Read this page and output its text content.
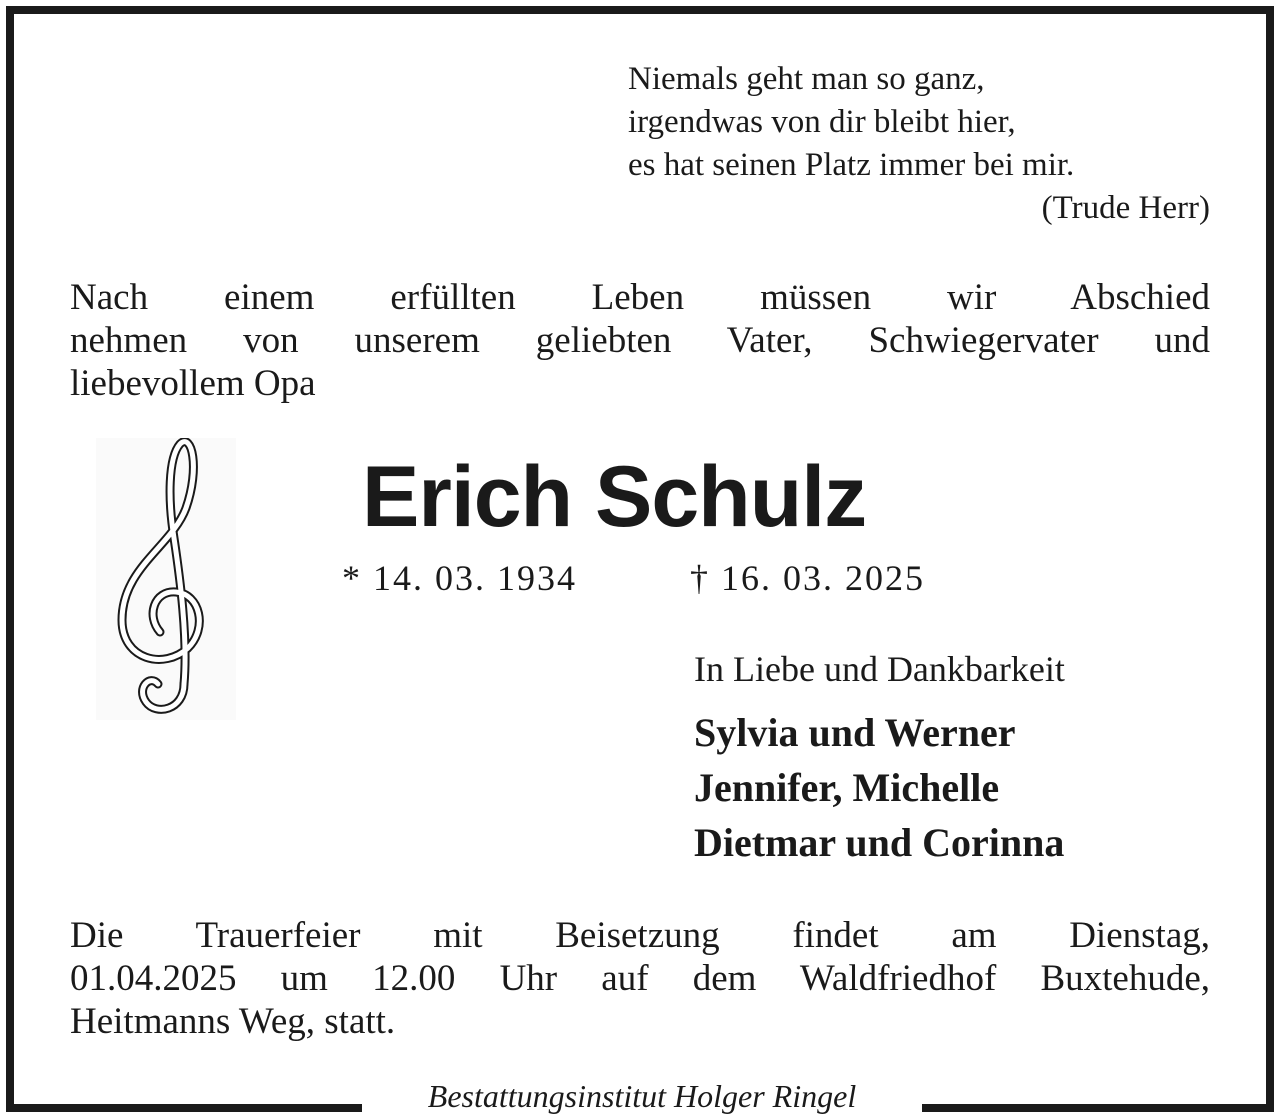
Niemals geht man so ganz,
irgendwas von dir bleibt hier,
es hat seinen Platz immer bei mir.
(Trude Herr)
Nach einem erfüllten Leben müssen wir Abschied
nehmen von unserem geliebten Vater, Schwiegervater und
liebevollem Opa
Erich Schulz
* 14. 03. 1934	† 16. 03. 2025
In Liebe und Dankbarkeit
Sylvia und Werner
Jennifer, Michelle
Dietmar und Corinna
Die Trauerfeier mit Beisetzung findet am Dienstag,
01.04.2025 um 12.00 Uhr auf dem Waldfriedhof Buxtehude,
Heitmanns Weg, statt.
Bestattungsinstitut Holger Ringel
